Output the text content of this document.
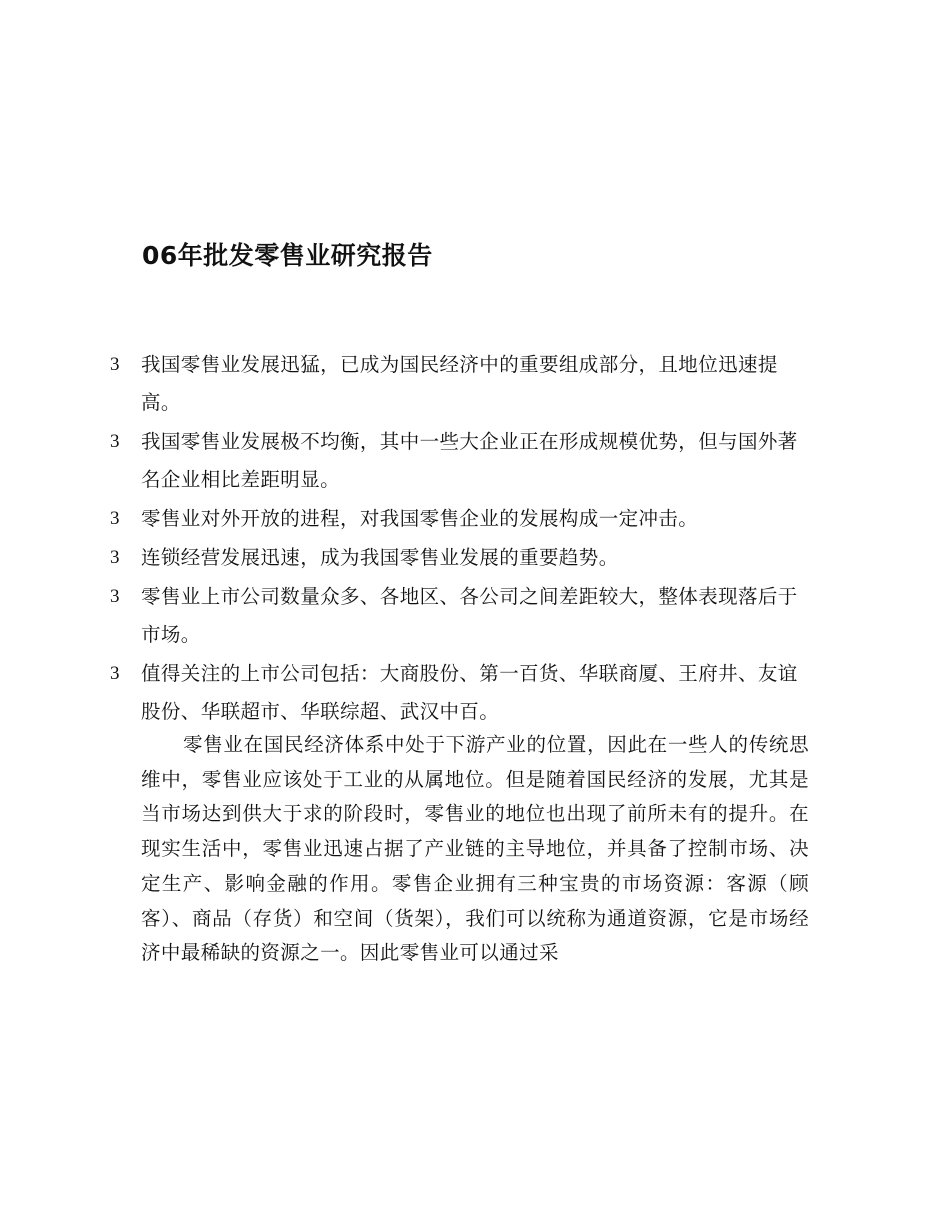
06年批发零售业研究报告
3	我国零售业发展迅猛，已成为国民经济中的重要组成部分，且地位迅速提高。
3	我国零售业发展极不均衡，其中一些大企业正在形成规模优势，但与国外著名企业相比差距明显。
3	零售业对外开放的进程，对我国零售企业的发展构成一定冲击。
3	连锁经营发展迅速，成为我国零售业发展的重要趋势。
3	零售业上市公司数量众多、各地区、各公司之间差距较大，整体表现落后于市场。
3	值得关注的上市公司包括：大商股份、第一百货、华联商厦、王府井、友谊股份、华联超市、华联综超、武汉中百。

零售业在国民经济体系中处于下游产业的位置，因此在一些人的传统思维中，零售业应该处于工业的从属地位。但是随着国民经济的发展，尤其是当市场达到供大于求的阶段时，零售业的地位也出现了前所未有的提升。在现实生活中，零售业迅速占据了产业链的主导地位，并具备了控制市场、决定生产、影响金融的作用。零售企业拥有三种宝贵的市场资源：客源（顾客）、商品（存货）和空间（货架），我们可以统称为通道资源，它是市场经济中最稀缺的资源之一。因此零售业可以通过采
